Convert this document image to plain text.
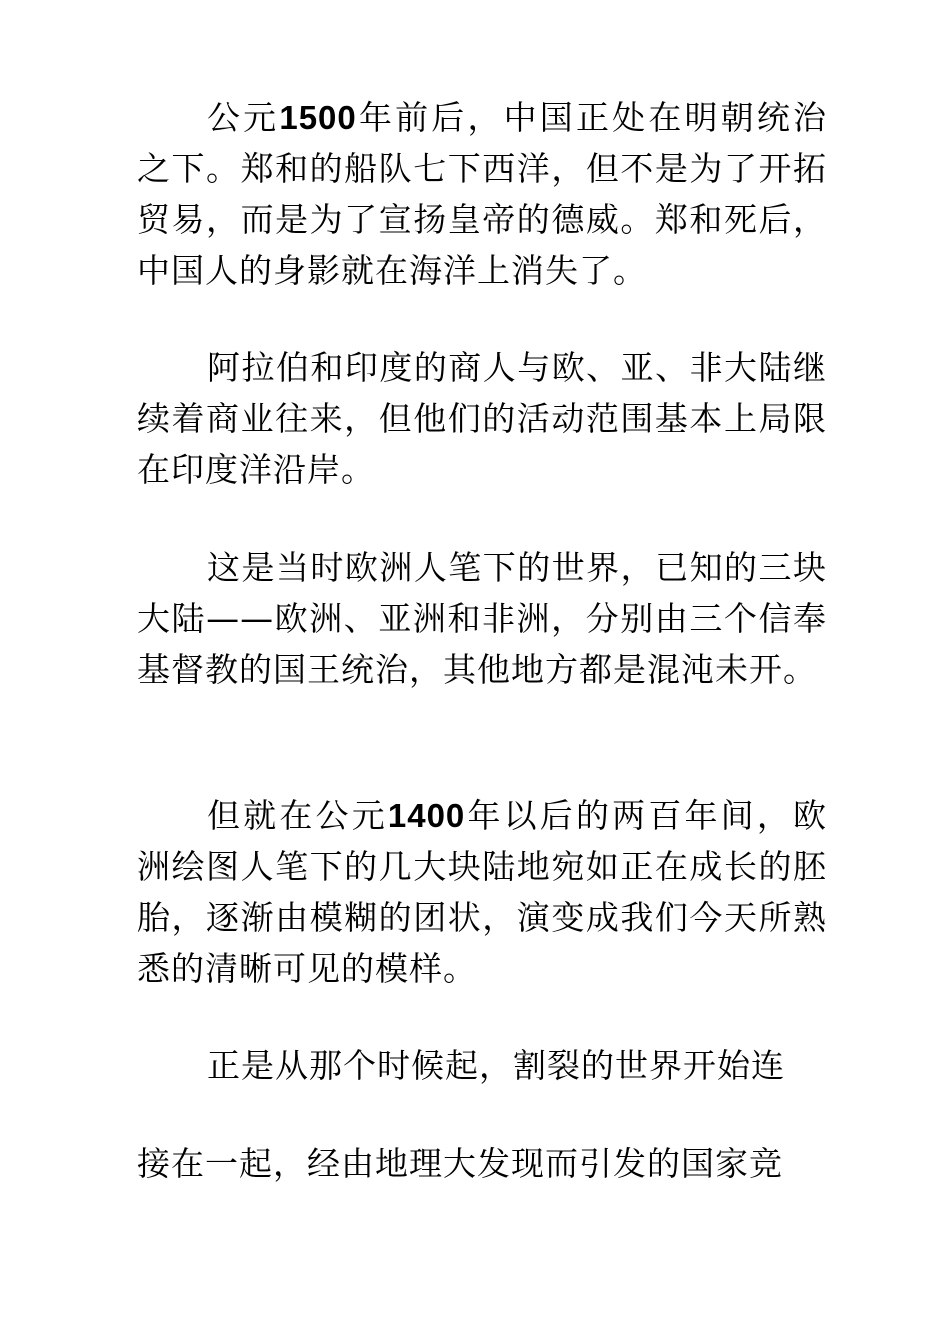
公元1500年前后，中国正处在明朝统治之下。郑和的船队七下西洋，但不是为了开拓贸易，而是为了宣扬皇帝的德威。郑和死后，中国人的身影就在海洋上消失了。

阿拉伯和印度的商人与欧、亚、非大陆继续着商业往来，但他们的活动范围基本上局限在印度洋沿岸。

这是当时欧洲人笔下的世界，已知的三块大陆——欧洲、亚洲和非洲，分别由三个信奉基督教的国王统治，其他地方都是混沌未开。

但就在公元1400年以后的两百年间，欧洲绘图人笔下的几大块陆地宛如正在成长的胚胎，逐渐由模糊的团状，演变成我们今天所熟悉的清晰可见的模样。

正是从那个时候起，割裂的世界开始连

接在一起，经由地理大发现而引发的国家竞
